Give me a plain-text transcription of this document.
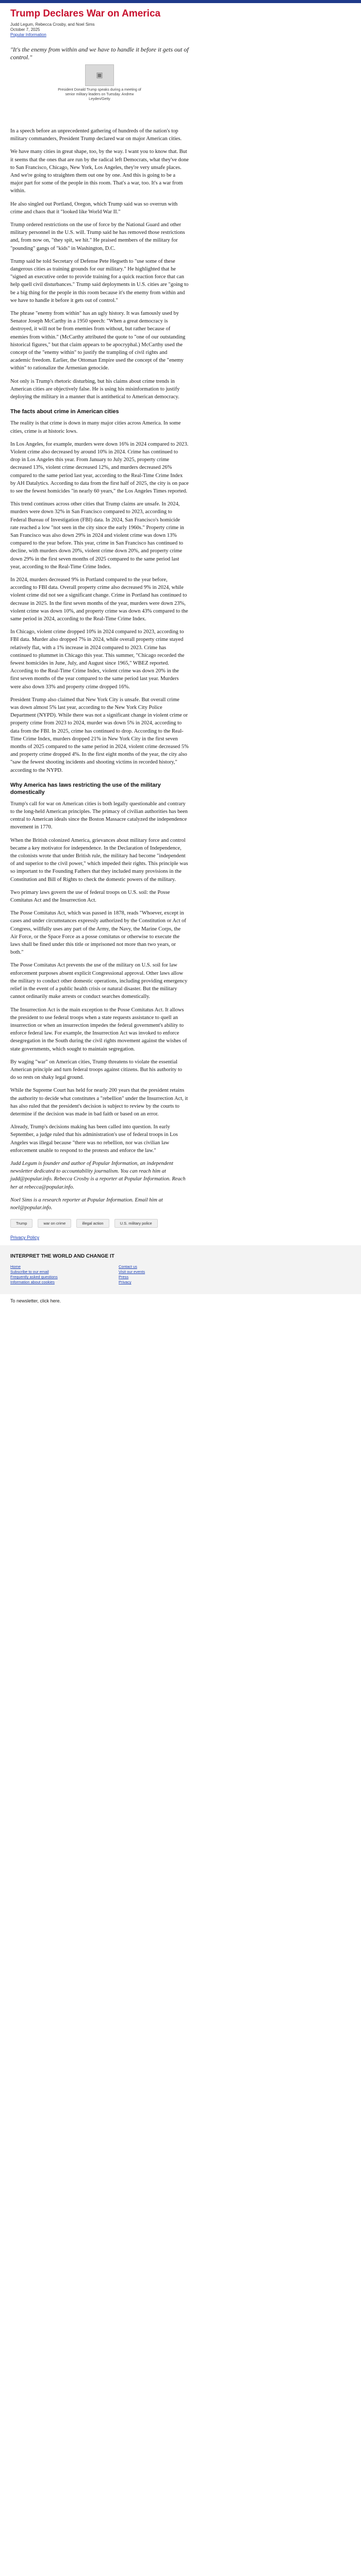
Trump Declares War on America
Judd Legum, Rebecca Crosby, and Noel Sims
October 7, 2025
Popular Information
"It's the enemy from within and we have to handle it before it gets out of control."
▣
President Donald Trump speaks during a meeting of
senior military leaders on Tuesday. Andrew
Leyden/Getty

In a speech before an unprecedented gathering of hundreds of the nation's top military commanders, President Trump declared war on major American cities.

We have many cities in great shape, too, by the way. I want you to know that. But it seems that the ones that are run by the radical left Democrats, what they've done to San Francisco, Chicago, New York, Los Angeles, they're very unsafe places. And we're going to straighten them out one by one. And this is going to be a major part for some of the people in this room. That's a war, too. It's a war from within.

He also singled out Portland, Oregon, which Trump said was so overrun with crime and chaos that it "looked like World War II."

Trump ordered restrictions on the use of force by the National Guard and other military personnel in the U.S. will. Trump said he has removed those restrictions and, from now on, "they spit, we hit." He praised members of the military for "pounding" gangs of "kids" in Washington, D.C.

Trump said he told Secretary of Defense Pete Hegseth to "use some of these dangerous cities as training grounds for our military." He highlighted that he "signed an executive order to provide training for a quick reaction force that can help quell civil disturbances." Trump said deployments in U.S. cities are "going to be a big thing for the people in this room because it's the enemy from within and we have to handle it before it gets out of control."

The phrase "enemy from within" has an ugly history. It was famously used by Senator Joseph McCarthy in a 1950 speech: "When a great democracy is destroyed, it will not be from enemies from without, but rather because of enemies from within." (McCarthy attributed the quote to "one of our outstanding historical figures," but that claim appears to be apocryphal.) McCarthy used the concept of the "enemy within" to justify the trampling of civil rights and academic freedom. Earlier, the Ottoman Empire used the concept of the "enemy within" to rationalize the Armenian genocide.

Not only is Trump's rhetoric disturbing, but his claims about crime trends in American cities are objectively false. He is using his misinformation to justify deploying the military in a manner that is antithetical to American democracy.

The facts about crime in American cities

The reality is that crime is down in many major cities across America. In some cities, crime is at historic lows.

In Los Angeles, for example, murders were down 16% in 2024 compared to 2023. Violent crime also decreased by around 10% in 2024. Crime has continued to drop in Los Angeles this year. From January to July 2025, property crime decreased 13%, violent crime decreased 12%, and murders decreased 26% compared to the same period last year, according to the Real-Time Crime Index by AH Datalytics. According to data from the first half of 2025, the city is on pace to see the fewest homicides "in nearly 60 years," the Los Angeles Times reported.

This trend continues across other cities that Trump claims are unsafe. In 2024, murders were down 32% in San Francisco compared to 2023, according to Federal Bureau of Investigation (FBI) data. In 2024, San Francisco's homicide rate reached a low "not seen in the city since the early 1960s." Property crime in San Francisco was also down 29% in 2024 and violent crime was down 13% compared to the year before. This year, crime in San Francisco has continued to decline, with murders down 20%, violent crime down 20%, and property crime down 29% in the first seven months of 2025 compared to the same period last year, according to the Real-Time Crime Index.

In 2024, murders decreased 9% in Portland compared to the year before, according to FBI data. Overall property crime also decreased 9% in 2024, while violent crime did not see a significant change. Crime in Portland has continued to decrease in 2025. In the first seven months of the year, murders were down 23%, violent crime was down 10%, and property crime was down 43% compared to the same period in 2024, according to the Real-Time Crime Index.

In Chicago, violent crime dropped 10% in 2024 compared to 2023, according to FBI data. Murder also dropped 7% in 2024, while overall property crime stayed relatively flat, with a 1% increase in 2024 compared to 2023. Crime has continued to plummet in Chicago this year. This summer, "Chicago recorded the fewest homicides in June, July, and August since 1965," WBEZ reported. According to the Real-Time Crime Index, violent crime was down 20% in the first seven months of the year compared to the same period last year. Murders were also down 33% and property crime dropped 16%.

President Trump also claimed that New York City is unsafe. But overall crime was down almost 5% last year, according to the New York City Police Department (NYPD). While there was not a significant change in violent crime or property crime from 2023 to 2024, murder was down 5% in 2024, according to data from the FBI. In 2025, crime has continued to drop. According to the Real-Time Crime Index, murders dropped 21% in New York City in the first seven months of 2025 compared to the same period in 2024, violent crime decreased 5% and property crime dropped 4%. In the first eight months of the year, the city also "saw the fewest shooting incidents and shooting victims in recorded history," according to the NYPD.

Why America has laws restricting the use of the military domestically

Trump's call for war on American cities is both legally questionable and contrary to the long-held American principles. The primacy of civilian authorities has been central to American ideals since the Boston Massacre catalyzed the independence movement in 1770.

When the British colonized America, grievances about military force and control became a key motivator for independence. In the Declaration of Independence, the colonists wrote that under British rule, the military had become "independent of and superior to the civil power," which impeded their rights. This principle was so important to the Founding Fathers that they included many provisions in the Constitution and Bill of Rights to check the domestic powers of the military.

Two primary laws govern the use of federal troops on U.S. soil: the Posse Comitatus Act and the Insurrection Act.

The Posse Comitatus Act, which was passed in 1878, reads "Whoever, except in cases and under circumstances expressly authorized by the Constitution or Act of Congress, willfully uses any part of the Army, the Navy, the Marine Corps, the Air Force, or the Space Force as a posse comitatus or otherwise to execute the laws shall be fined under this title or imprisoned not more than two years, or both."

The Posse Comitatus Act prevents the use of the military on U.S. soil for law enforcement purposes absent explicit Congressional approval. Other laws allow the military to conduct other domestic operations, including providing emergency relief in the event of a public health crisis or natural disaster. But the military cannot ordinarily make arrests or conduct searches domestically.

The Insurrection Act is the main exception to the Posse Comitatus Act. It allows the president to use federal troops when a state requests assistance to quell an insurrection or when an insurrection impedes the federal government's ability to enforce federal law. For example, the Insurrection Act was invoked to enforce desegregation in the South during the civil rights movement against the wishes of state governments, which sought to maintain segregation.

By waging "war" on American cities, Trump threatens to violate the essential American principle and turn federal troops against citizens. But his authority to do so rests on shaky legal ground.

While the Supreme Court has held for nearly 200 years that the president retains the authority to decide what constitutes a "rebellion" under the Insurrection Act, it has also ruled that the president's decision is subject to review by the courts to determine if the decision was made in bad faith or based on an error.

Already, Trump's decisions making has been called into question. In early September, a judge ruled that his administration's use of federal troops in Los Angeles was illegal because "there was no rebellion, nor was civilian law enforcement unable to respond to the protests and enforce the law."

Judd Legum is founder and author of Popular Information, an independent newsletter dedicated to accountability journalism. You can reach him at judd@popular.info. Rebecca Crosby is a reporter at Popular Information. Reach her at rebecca@popular.info.

Noel Sims is a research reporter at Popular Information. Email him at noel@popular.info.

Trump	war on crime	illegal action	U.S. military police
Privacy Policy
INTERPRET THE WORLD AND CHANGE IT
Home
Subscribe to our email
Frequently asked questions
Information about cookies
Contact us
Visit our events
Press
Privacy
To newsletter, click here.
